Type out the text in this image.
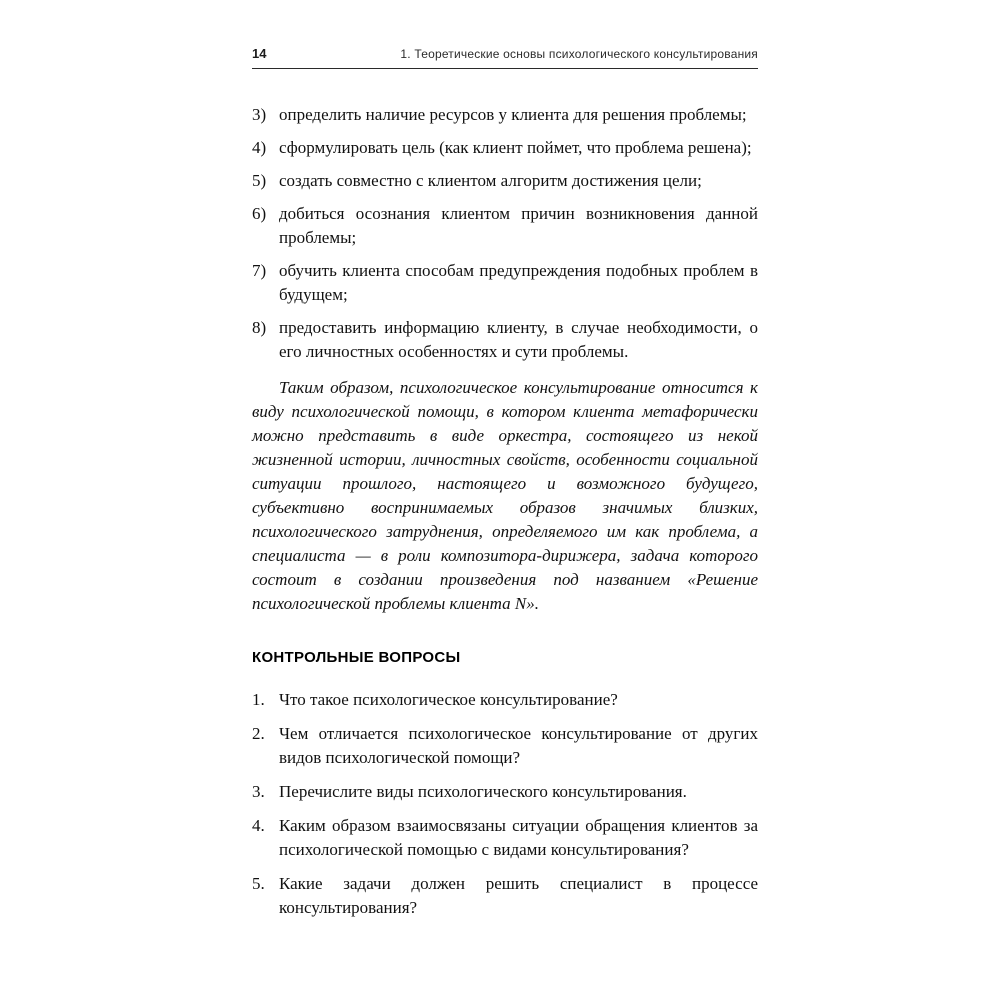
14	1. Теоретические основы психологического консультирования
3) определить наличие ресурсов у клиента для решения проблемы;
4) сформулировать цель (как клиент поймет, что проблема решена);
5) создать совместно с клиентом алгоритм достижения цели;
6) добиться осознания клиентом причин возникновения данной проблемы;
7) обучить клиента способам предупреждения подобных проблем в будущем;
8) предоставить информацию клиенту, в случае необходимости, о его личностных особенностях и сути проблемы.

Таким образом, психологическое консультирование относится к виду психологической помощи, в котором клиента метафорически можно представить в виде оркестра, состоящего из некой жизненной истории, личностных свойств, особенности социальной ситуации прошлого, настоящего и возможного будущего, субъективно воспринимаемых образов значимых близких, психологического затруднения, определяемого им как проблема, а специалиста — в роли композитора-дирижера, задача которого состоит в создании произведения под названием «Решение психологической проблемы клиента N».

КОНТРОЛЬНЫЕ ВОПРОСЫ
1. Что такое психологическое консультирование?
2. Чем отличается психологическое консультирование от других видов психологической помощи?
3. Перечислите виды психологического консультирования.
4. Каким образом взаимосвязаны ситуации обращения клиентов за психологической помощью с видами консультирования?
5. Какие задачи должен решить специалист в процессе консультирования?
